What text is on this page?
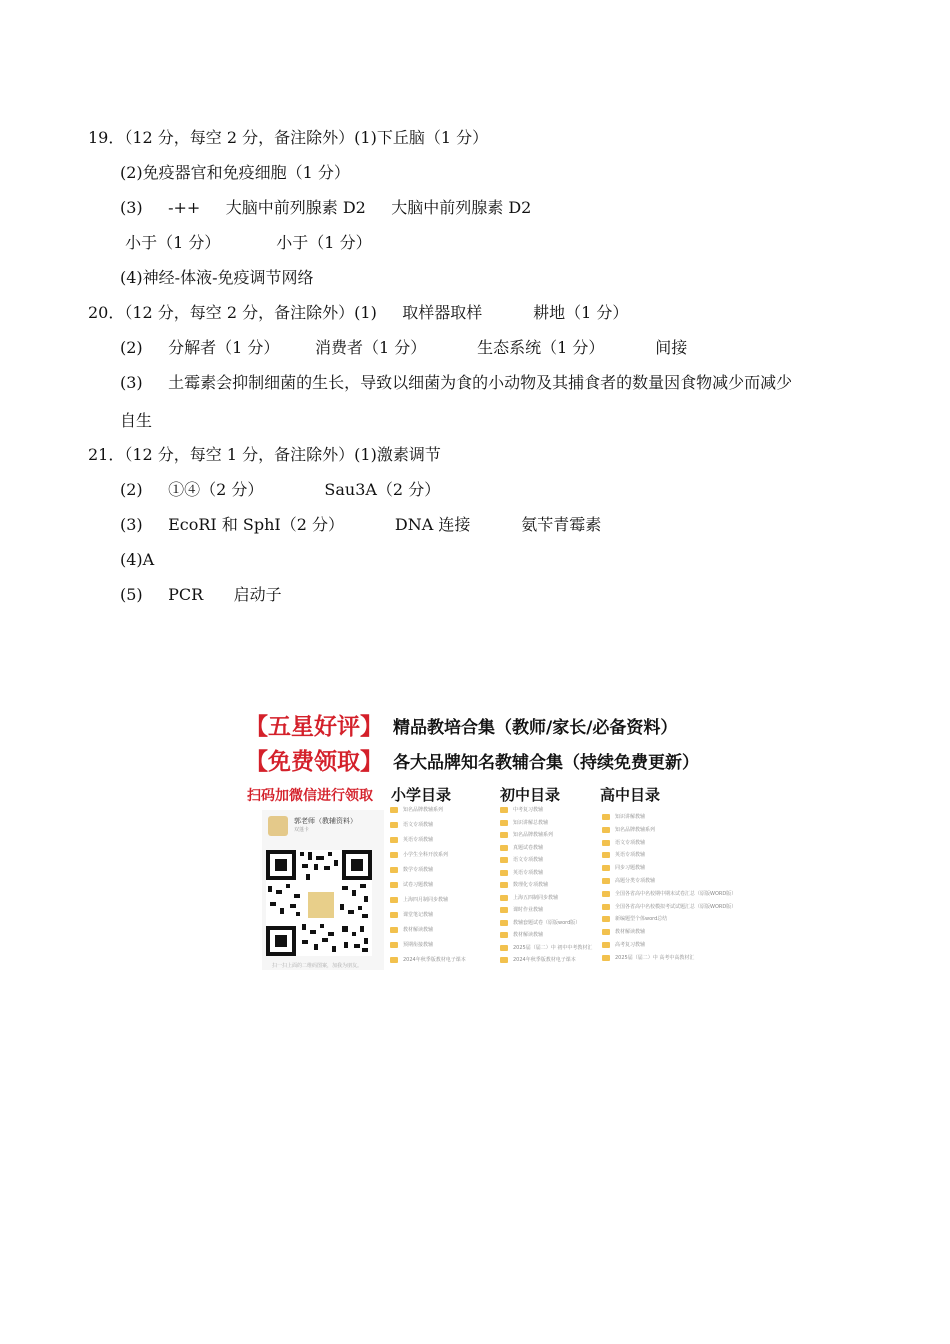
19．（12 分，每空 2 分，备注除外）(1)下丘脑（1 分）
(2)免疫器官和免疫细胞（1 分）
(3)     -++     大脑中前列腺素 D2     大脑中前列腺素 D2
小于（1 分）           小于（1 分）
(4)神经-体液-免疫调节网络
20．（12 分，每空 2 分，备注除外）(1)     取样器取样          耕地（1 分）
(2)     分解者（1 分）       消费者（1 分）          生态系统（1 分）          间接
(3)     土霉素会抑制细菌的生长，导致以细菌为食的小动物及其捕食者的数量因食物减少而减少
自生
21．（12 分，每空 1 分，备注除外）(1)激素调节
(2)     ①④（2 分）            Sau3A（2 分）
(3)     EcoRI 和 SphI（2 分）          DNA 连接          氨苄青霉素
(4)A
(5)     PCR      启动子
【五星好评】 精品教培合集（教师/家长/必备资料）
【免费领取】 各大品牌知名教辅合集（持续免费更新）
扫码加微信进行领取
郭老师（教辅资料）
双蓬卡
扫一扫上面的二维码图案，加我为朋友。
小学目录	初中目录	高中目录
知名品牌教辅系列
语文专项教辅
英语专项教辅
小学生全科开放系列
数学专项教辅
试卷习题教辅
上海四月制同步教辅
课堂笔记教辅
教材解读教辅
预期衔接教辅
2024年秋季版教材电子课本
中考复习教辅
知识讲解总教辅
知名品牌教辅系列
真题试卷教辅
语文专项教辅
英语专项教辅
数理化专项教辅
上海五四制同步教辅
课时作业教辅
教辅套题试卷（原版word版）
教材解读教辅
2025届（届二）中 初中中考教材汇
2024年秋季版教材电子课本
知识讲解教辅
知名品牌教辅系列
语文专项教辅
英语专项教辅
同步习题教辅
高题分类专项教辅
全国各省高中名校期中期末试卷汇总（原版WORD版）
全国各省高中名校模拟考试试题汇总（原版WORD版）
新编题型个体word总结
教材解读教辅
高考复习教辅
2025届（届二）中 高考中高教材汇
